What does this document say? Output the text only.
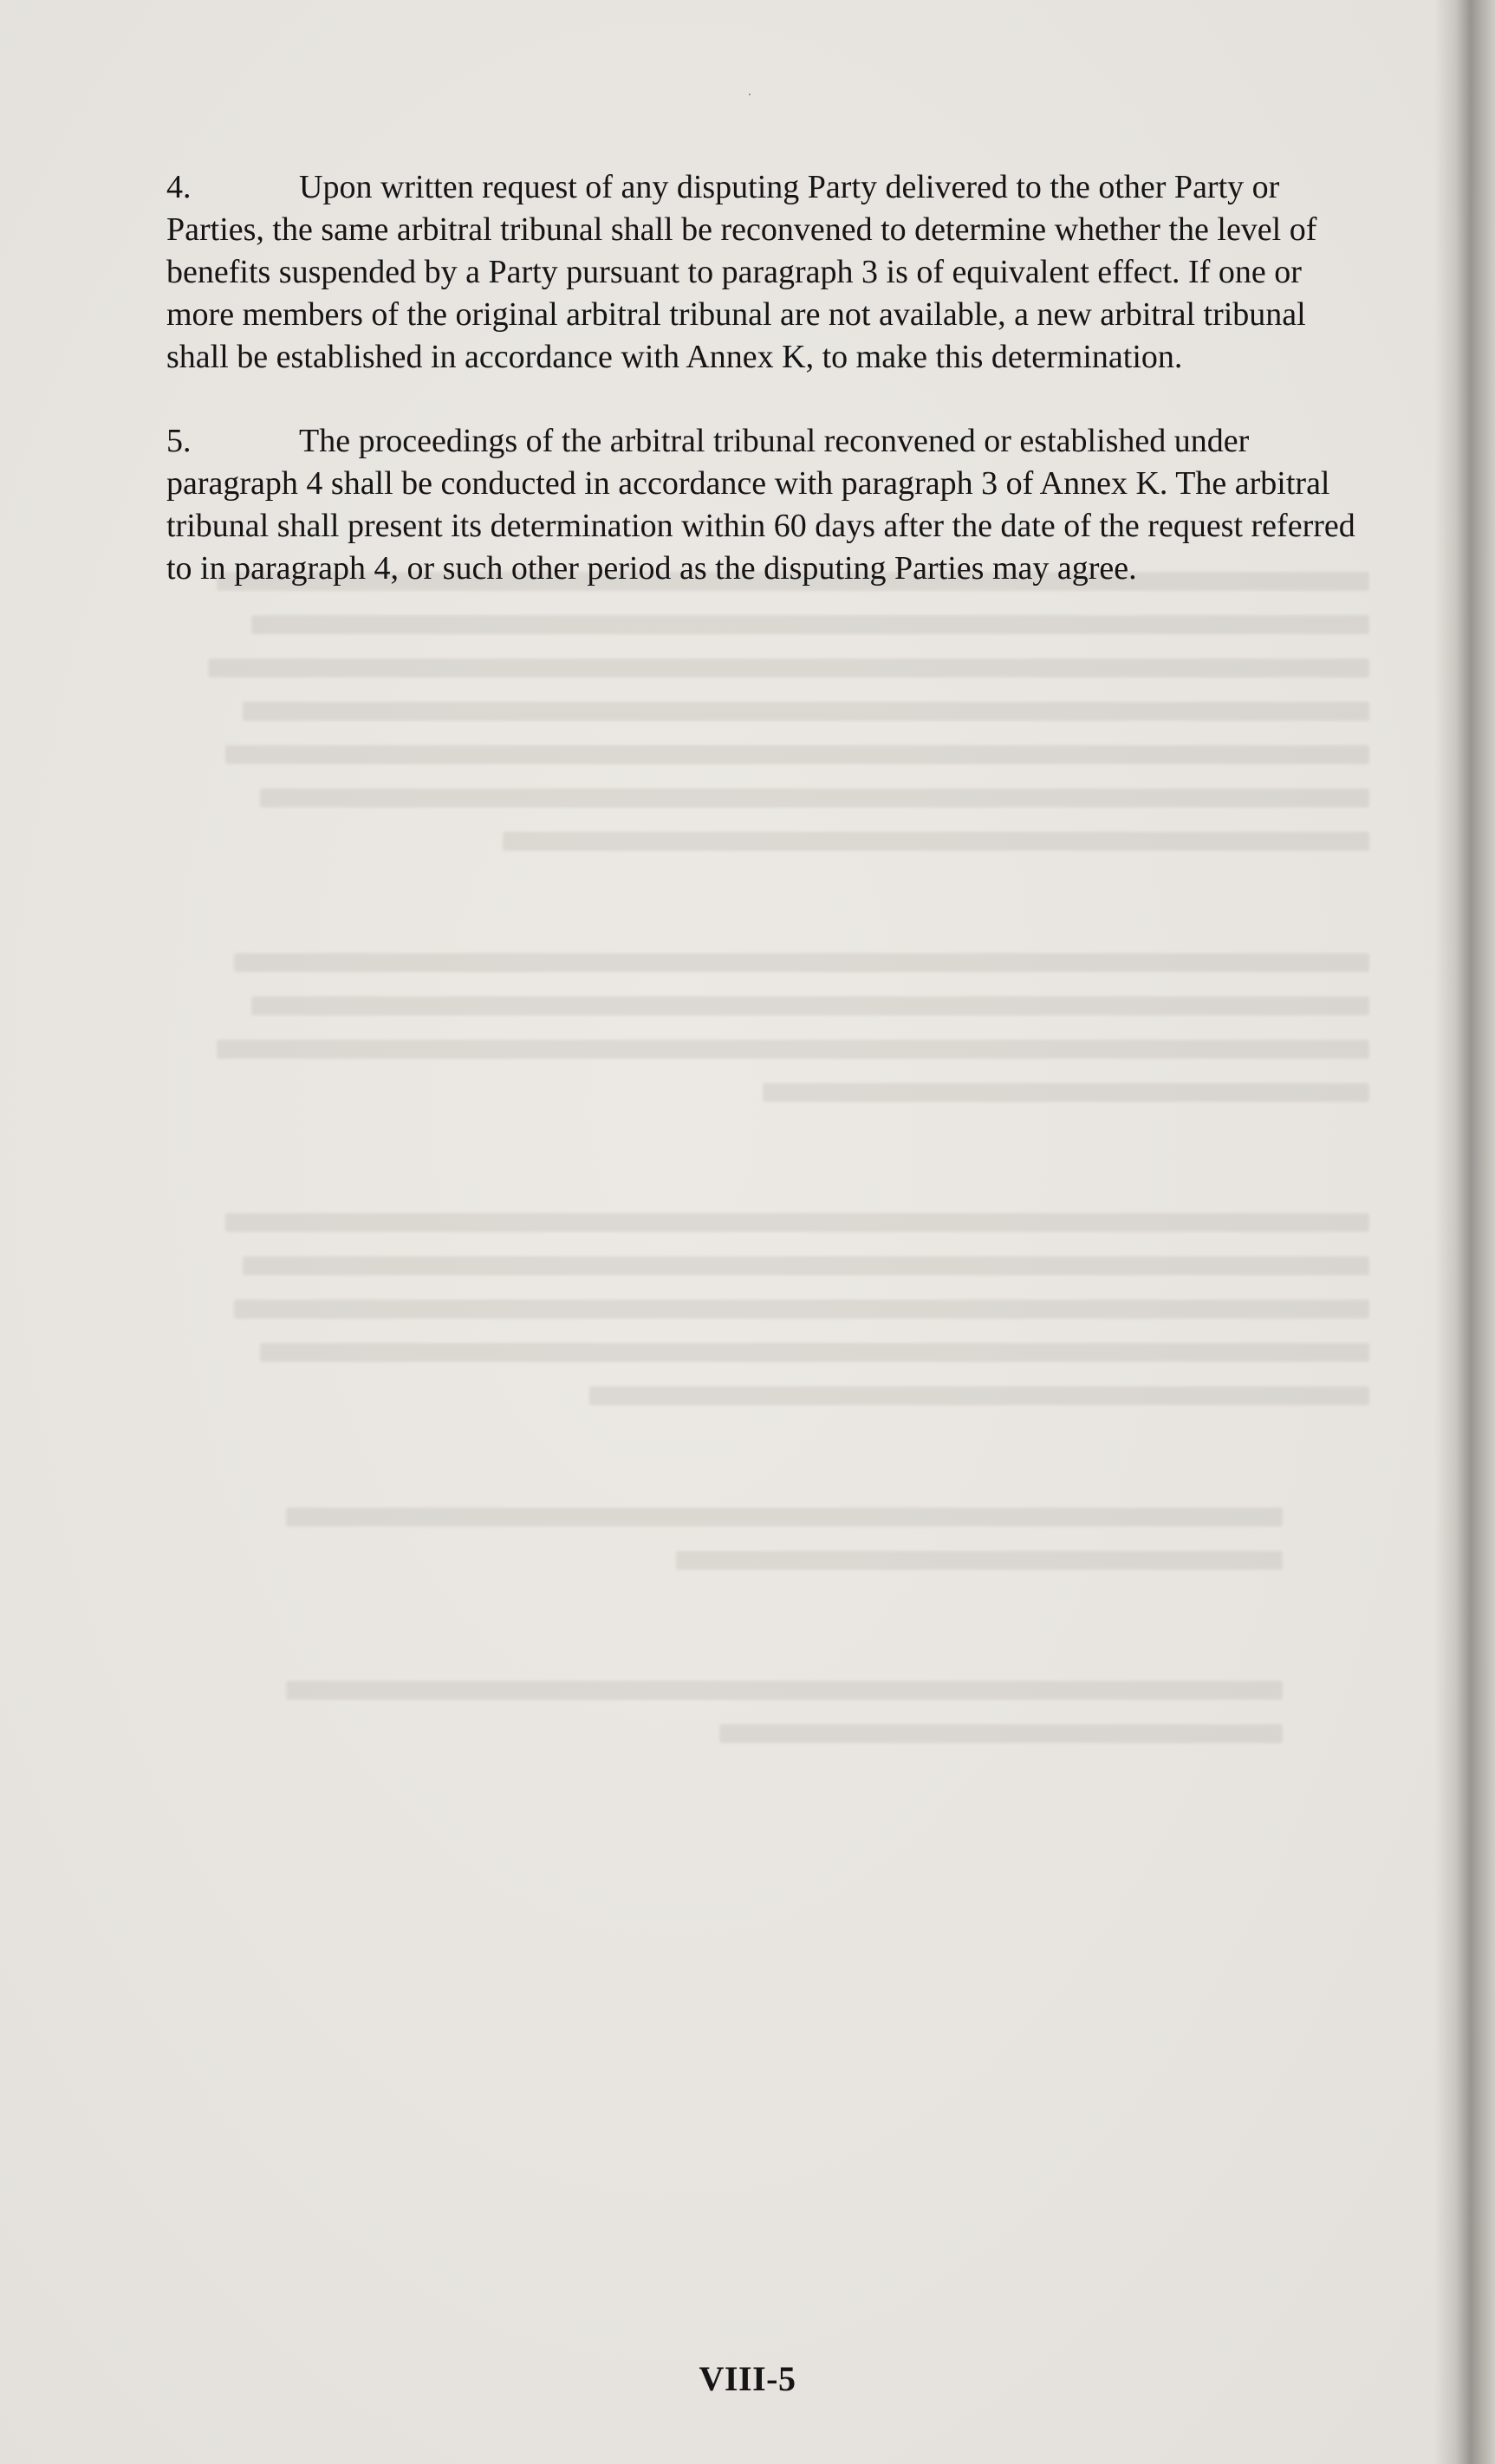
4.	Upon written request of any disputing Party delivered to the other Party or Parties, the same arbitral tribunal shall be reconvened to determine whether the level of benefits suspended by a Party pursuant to paragraph 3 is of equivalent effect. If one or more members of the original arbitral tribunal are not available, a new arbitral tribunal shall be established in accordance with Annex K, to make this determination.

5.	The proceedings of the arbitral tribunal reconvened or established under paragraph 4 shall be conducted in accordance with paragraph 3 of Annex K. The arbitral tribunal shall present its determination within 60 days after the date of the request referred to in paragraph 4, or such other period as the disputing Parties may agree.

VIII-5
